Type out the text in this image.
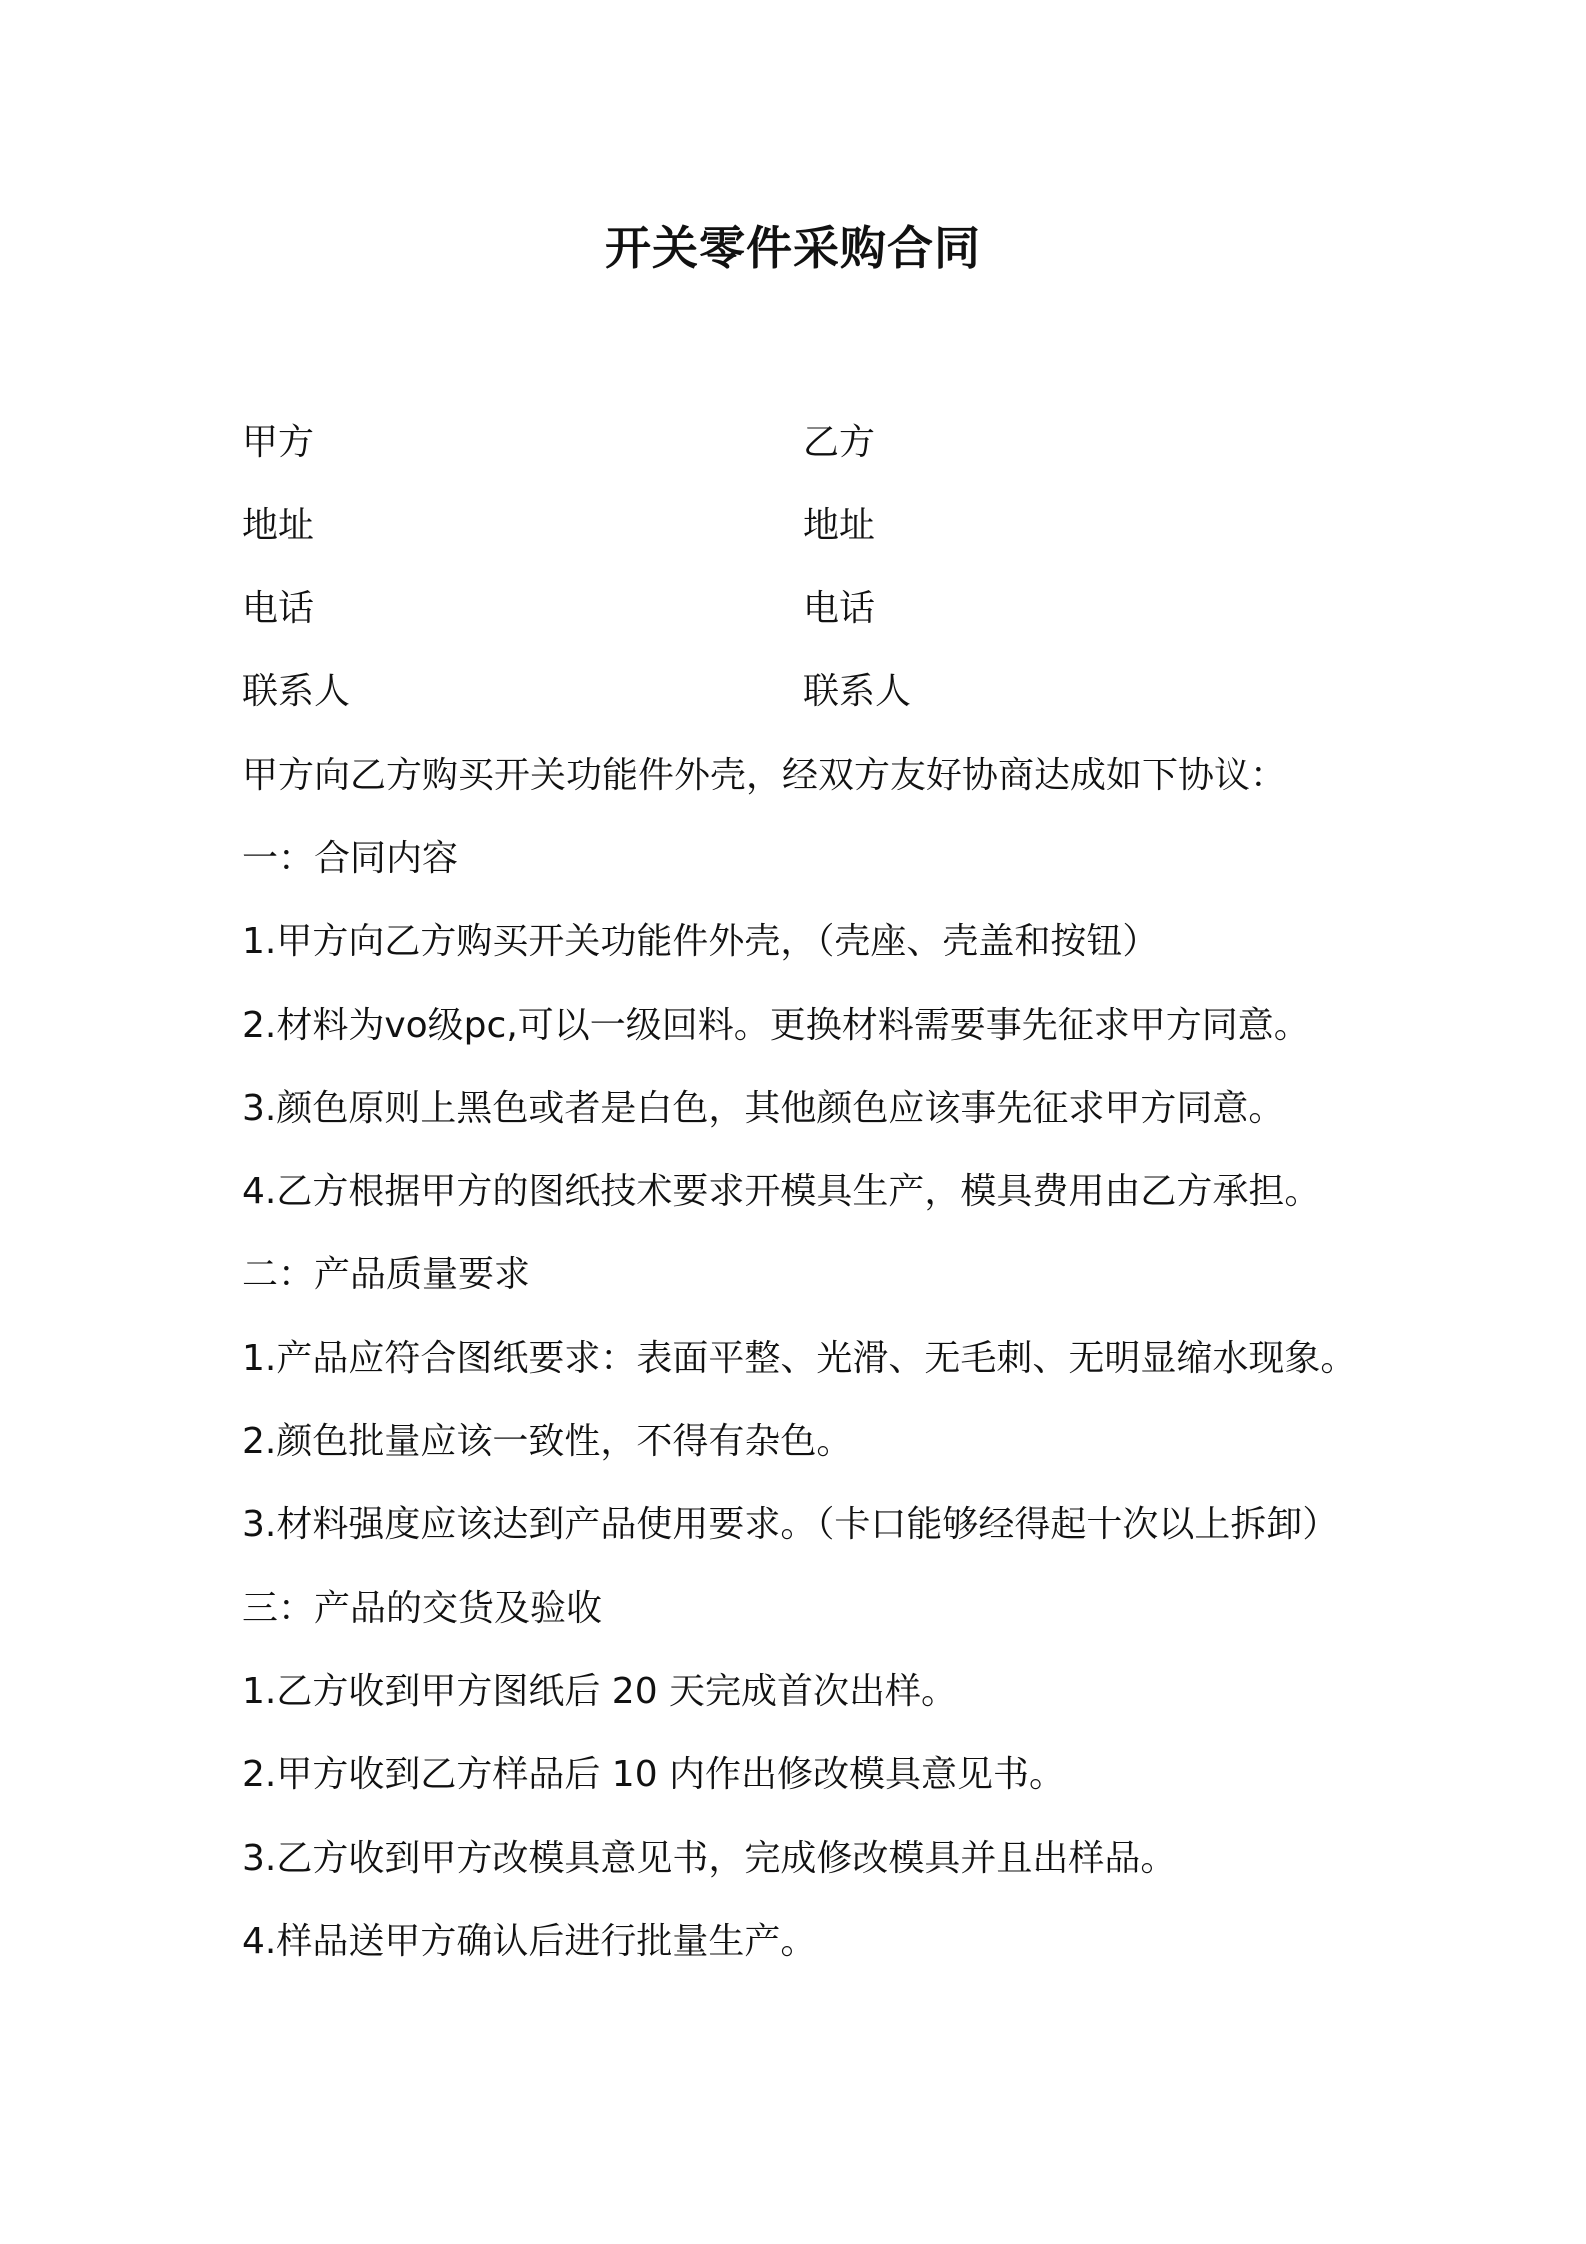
开关零件采购合同
甲方	乙方
地址	地址
电话	电话
联系人	联系人
甲方向乙方购买开关功能件外壳，经双方友好协商达成如下协议：
一：合同内容
1.甲方向乙方购买开关功能件外壳，（壳座、壳盖和按钮）
2.材料为vo级pc,可以一级回料。更换材料需要事先征求甲方同意。
3.颜色原则上黑色或者是白色，其他颜色应该事先征求甲方同意。
4.乙方根据甲方的图纸技术要求开模具生产，模具费用由乙方承担。
二：产品质量要求
1.产品应符合图纸要求：表面平整、光滑、无毛刺、无明显缩水现象。
2.颜色批量应该一致性，不得有杂色。
3.材料强度应该达到产品使用要求。（卡口能够经得起十次以上拆卸）
三：产品的交货及验收
1.乙方收到甲方图纸后 20 天完成首次出样。
2.甲方收到乙方样品后 10 内作出修改模具意见书。
3.乙方收到甲方改模具意见书，完成修改模具并且出样品。
4.样品送甲方确认后进行批量生产。
